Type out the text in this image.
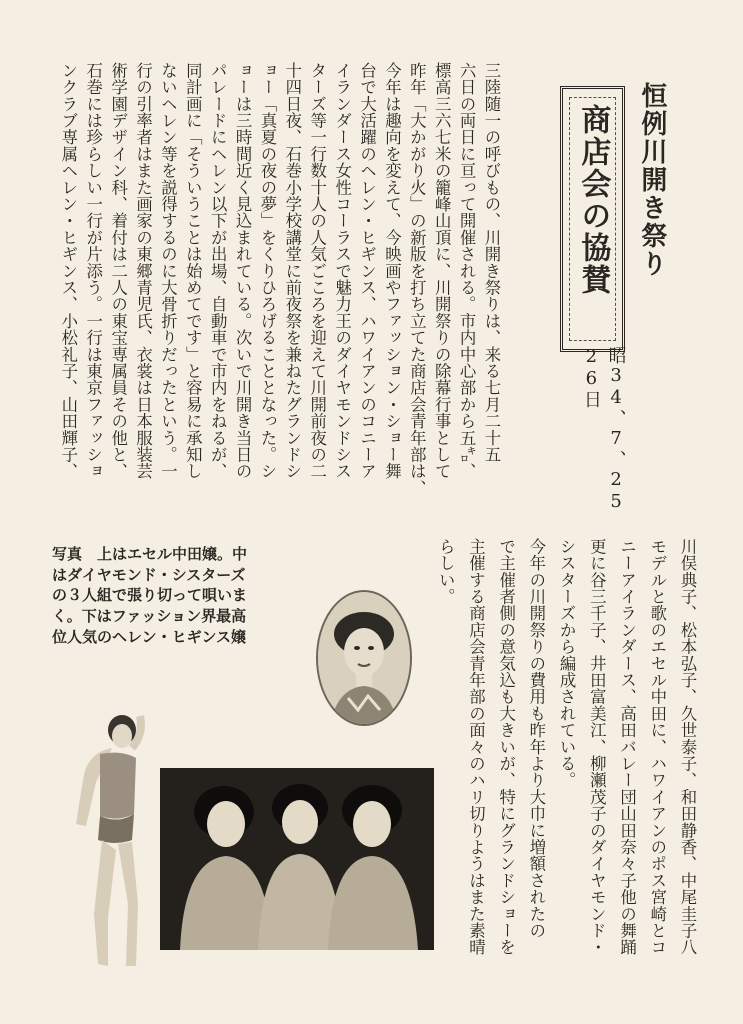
恒例川開き祭り
商店会の協賛
昭34、7、25 26日
三陸随一の呼びもの、川開き祭りは、来る七月二十五
六日の両日に亘って開催される。市内中心部から五㌔、
標高三六七米の籠峰山頂に、川開祭りの除幕行事として
昨年「大かがり火」の新版を打ち立てた商店会青年部は、
今年は趣向を変えて、今映画やファッション・ショー舞
台で大活躍のヘレン・ヒギンス、ハワイアンのコニーア
イランダース女性コーラスで魅力王のダイヤモンドシス
ターズ等一行数十人の人気ごころを迎えて川開前夜の二
十四日夜、石巻小学校講堂に前夜祭を兼ねたグランドシ
ョー「真夏の夜の夢」をくりひろげることとなった。シ
ョーは三時間近く見込まれている。次いで川開き当日の
パレードにヘレン以下が出場、自動車で市内をねるが、
同計画に「そういうことは始めてです」と容易に承知し
ないヘレン等を説得するのに大骨折りだったという。一
行の引率者はまた画家の東郷青児氏、衣裳は日本服装芸
術学園デザイン科、着付は二人の東宝専属員その他と、
石巻には珍らしい一行が片添う。一行は東京ファッショ
ンクラブ専属ヘレン・ヒギンス、小松礼子、山田輝子、
川俣典子、松本弘子、久世泰子、和田静香、中尾圭子八
モデルと歌のエセル中田に、ハワイアンのポス宮崎とコ
ニーアイランダース、高田バレー団山田奈々子他の舞踊
更に谷三千子、井田富美江、柳瀬茂子のダイヤモンド・
シスターズから編成されている。
今年の川開祭りの費用も昨年より大巾に増額されたの
で主催者側の意気込も大きいが、特にグランドショーを
主催する商店会青年部の面々のハリ切りようはまた素晴
らしい。
写真　上はエセル中田嬢。中
はダイヤモンド・シスターズ
の３人組で張り切って唄いま
く。下はファッション界最高
位人気のヘレン・ヒギンス嬢
